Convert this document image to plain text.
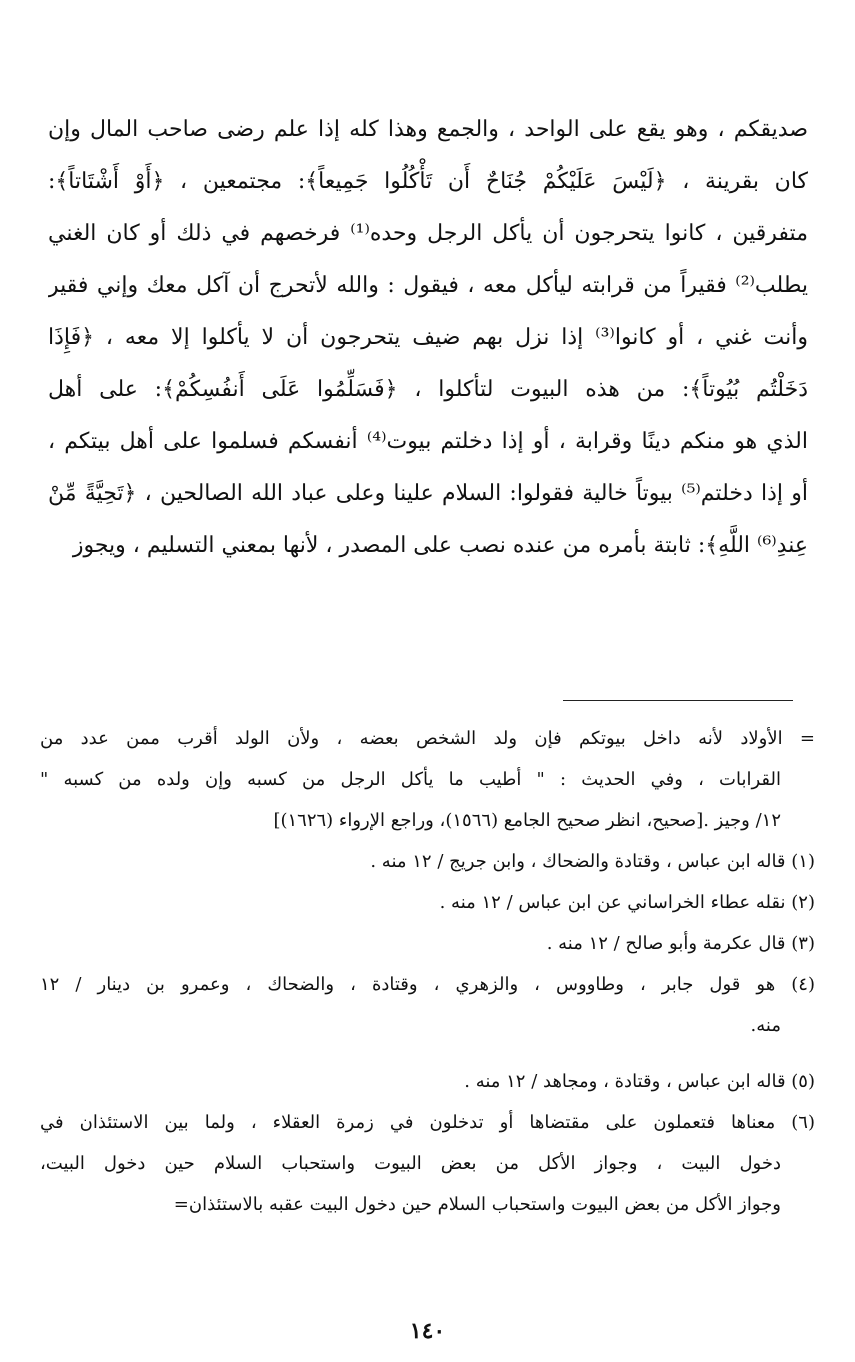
صديقكم ، وهو يقع على الواحد ، والجمع وهذا كله إذا علم رضى صاحب المال وإن
كان بقرينة ، ﴿لَيْسَ عَلَيْكُمْ جُنَاحٌ أَن تَأْكُلُوا جَمِيعاً﴾: مجتمعين ، ﴿أَوْ أَشْتَاتاً﴾:
متفرقين ، كانوا يتحرجون أن يأكل الرجل وحده⁽¹⁾ فرخصهم في ذلك أو كان الغني
يطلب⁽²⁾ فقيراً من قرابته ليأكل معه ، فيقول : والله لأتحرج أن آكل معك وإني فقير
وأنت غني ، أو كانوا⁽³⁾ إذا نزل بهم ضيف يتحرجون أن لا يأكلوا إلا معه ، ﴿فَإِذَا
دَخَلْتُم بُيُوتاً﴾: من هذه البيوت لتأكلوا ، ﴿فَسَلِّمُوا عَلَى أَنفُسِكُمْ﴾: على أهل
الذي هو منكم دينًا وقرابة ، أو إذا دخلتم بيوت⁽⁴⁾ أنفسكم فسلموا على أهل بيتكم ،
أو إذا دخلتم⁽⁵⁾ بيوتاً خالية فقولوا: السلام علينا وعلى عباد الله الصالحين ، ﴿تَحِيَّةً مِّنْ
عِندِ⁽⁶⁾ اللَّهِ﴾: ثابتة بأمره من عنده نصب على المصدر ، لأنها بمعني التسليم ، ويجوز
= الأولاد لأنه داخل بيوتكم فإن ولد الشخص بعضه ، ولأن الولد أقرب ممن عدد من
القرابات ، وفي الحديث : " أطيب ما يأكل الرجل من كسبه وإن ولده من كسبه "
١٢/ وجيز .[صحيح، انظر صحيح الجامع (١٥٦٦)، وراجع الإرواء (١٦٢٦)]
(١) قاله ابن عباس ، وقتادة والضحاك ، وابن جريج / ١٢ منه .
(٢) نقله عطاء الخراساني عن ابن عباس / ١٢ منه .
(٣) قال عكرمة وأبو صالح / ١٢ منه .
(٤) هو قول جابر ، وطاووس ، والزهري ، وقتادة ، والضحاك ، وعمرو بن دينار / ١٢
منه.
(٥) قاله ابن عباس ، وقتادة ، ومجاهد / ١٢ منه .
(٦) معناها فتعملون على مقتضاها أو تدخلون في زمرة العقلاء ، ولما بين الاستئذان في
دخول البيت ، وجواز الأكل من بعض البيوت واستحباب السلام حين دخول البيت،
وجواز الأكل من بعض البيوت واستحباب السلام حين دخول البيت عقبه بالاستئذان=
١٤٠
